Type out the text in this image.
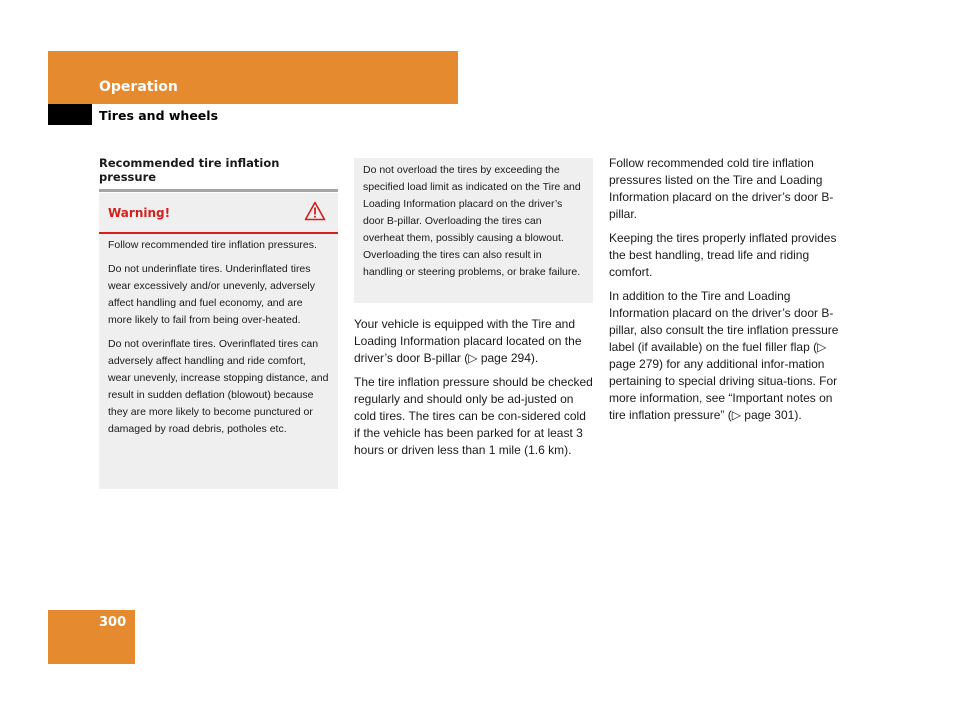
Operation
Tires and wheels
Recommended tire inflation pressure
Warning!

Follow recommended tire inflation pressures.

Do not underinflate tires. Underinflated tires wear excessively and/or unevenly, adversely affect handling and fuel economy, and are more likely to fail from being over-heated.

Do not overinflate tires. Overinflated tires can adversely affect handling and ride comfort, wear unevenly, increase stopping distance, and result in sudden deflation (blowout) because they are more likely to become punctured or damaged by road debris, potholes etc.

Do not overload the tires by exceeding the specified load limit as indicated on the Tire and Loading Information placard on the driver’s door B-pillar. Overloading the tires can overheat them, possibly causing a blowout. Overloading the tires can also result in handling or steering problems, or brake failure.

Your vehicle is equipped with the Tire and Loading Information placard located on the driver’s door B-pillar (▷ page 294).

The tire inflation pressure should be checked regularly and should only be ad-justed on cold tires. The tires can be con-sidered cold if the vehicle has been parked for at least 3 hours or driven less than 1 mile (1.6 km).

Follow recommended cold tire inflation pressures listed on the Tire and Loading Information placard on the driver’s door B-pillar.

Keeping the tires properly inflated provides the best handling, tread life and riding comfort.

In addition to the Tire and Loading Information placard on the driver’s door B-pillar, also consult the tire inflation pressure label (if available) on the fuel filler flap (▷ page 279) for any additional infor-mation pertaining to special driving situa-tions. For more information, see “Important notes on tire inflation pressure” (▷ page 301).

300
